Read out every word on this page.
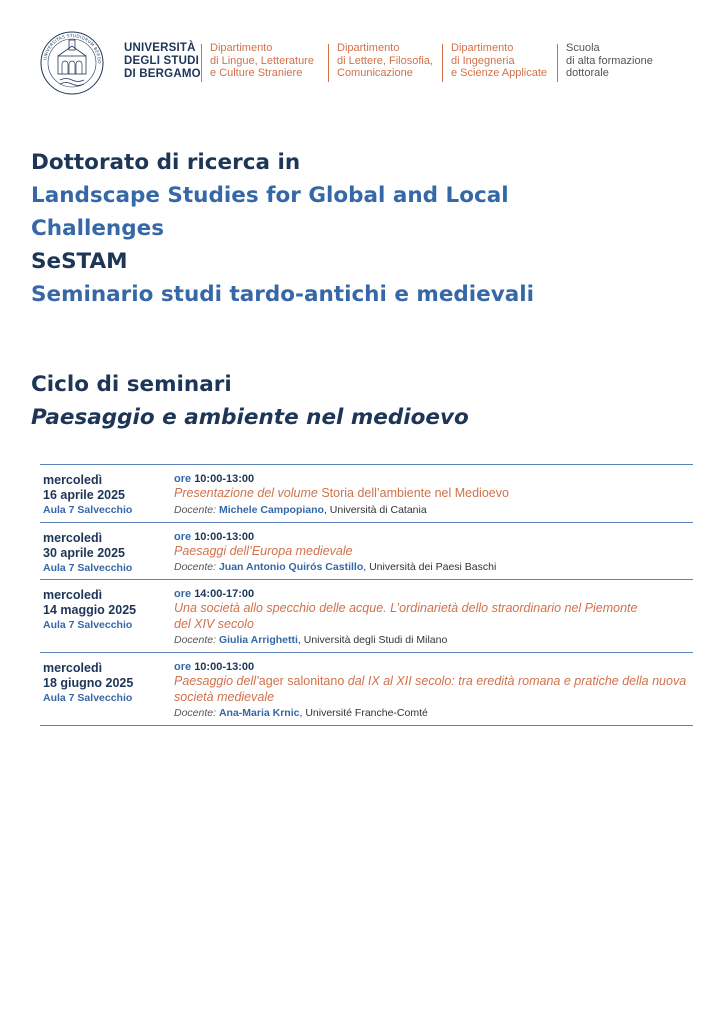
UNIVERSITAS STUDIORUM BERGO
UNIVERSITÀ
DEGLI STUDI
DI BERGAMO
Dipartimento
di Lingue, Letterature
e Culture Straniere
Dipartimento
di Lettere, Filosofia,
Comunicazione
Dipartimento
di Ingegneria
e Scienze Applicate
Scuola
di alta formazione
dottorale
Dottorato di ricerca in
Landscape Studies for Global and Local
Challenges
SeSTAM
Seminario studi tardo-antichi e medievali
Ciclo di seminari
Paesaggio e ambiente nel medioevo
mercoledì
16 aprile 2025
Aula 7 Salvecchio
ore 10:00-13:00
Presentazione del volume Storia dell’ambiente nel Medioevo
Docente: Michele Campopiano, Università di Catania
mercoledì
30 aprile 2025
Aula 7 Salvecchio
ore 10:00-13:00
Paesaggi dell’Europa medievale
Docente: Juan Antonio Quirós Castillo, Università dei Paesi Baschi
mercoledì
14 maggio 2025
Aula 7 Salvecchio
ore 14:00-17:00
Una società allo specchio delle acque. L’ordinarietà dello straordinario nel Piemonte del XIV secolo
Docente: Giulia Arrighetti, Università degli Studi di Milano
mercoledì
18 giugno 2025
Aula 7 Salvecchio
ore 10:00-13:00
Paesaggio dell’ager salonitano dal IX al XII secolo: tra eredità romana e pratiche della nuova società medievale
Docente: Ana-Maria Krnic, Université Franche-Comté
